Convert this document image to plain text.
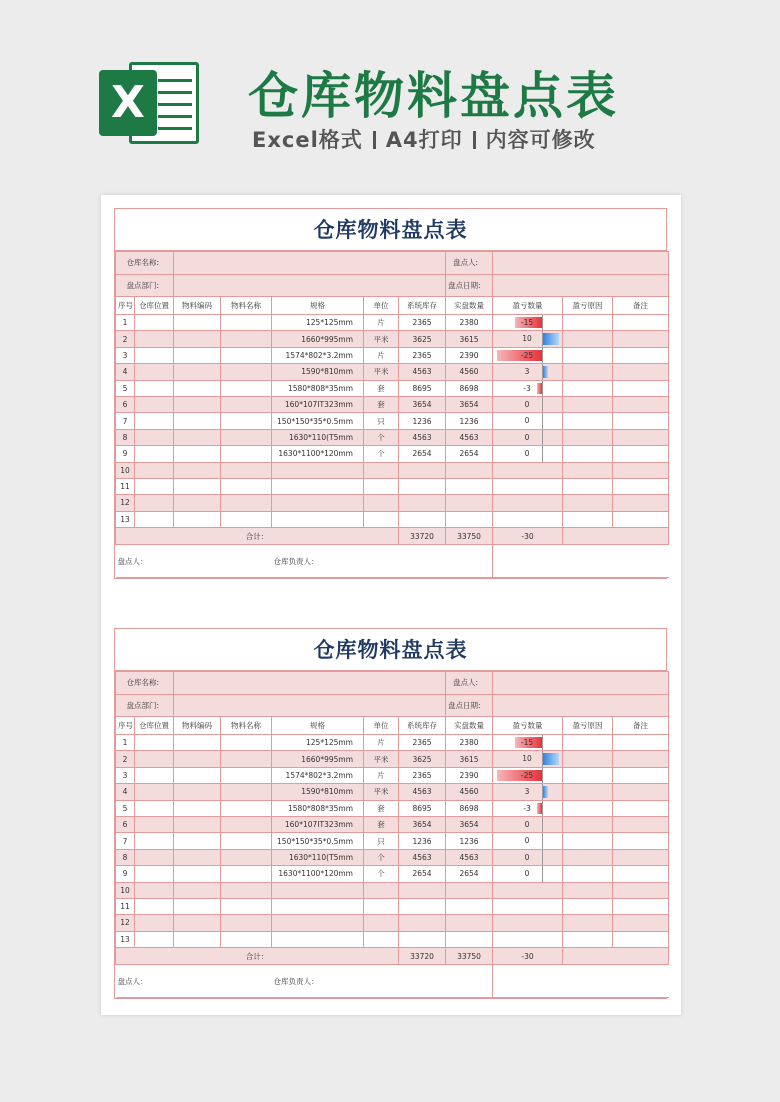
X 仓库物料盘点表
Excel格式 A4打印 内容可修改
仓库物料盘点表
仓库名称:							盘点人:			
盘点部门:							盘点日期:			
序号	仓库位置	物料编码	物料名称	规格	单位	系统库存	实盘数量	盈亏数量	盈亏原因	备注
1				125*125mm	片	2365	2380	-15		

2				1660*995mm	平米	3625	3615	10		

3				1574*802*3.2mm	片	2365	2390	-25		

4				1590*810mm	平米	4563	4560	3		

5				1580*808*35mm	套	8695	8698	-3		

6				160*107IT323mm	套	3654	3654	0		

7				150*150*35*0.5mm	只	1236	1236	0		

8				1630*110(T5mm	个	4563	4563	0		

9				1630*1100*120mm	个	2654	2654	0		

10										
11										
12										
13										
合计：						33720	33750	-30		
盘点人：				仓库负责人：						
仓库物料盘点表
仓库名称:							盘点人:			
盘点部门:							盘点日期:			
序号	仓库位置	物料编码	物料名称	规格	单位	系统库存	实盘数量	盈亏数量	盈亏原因	备注
1				125*125mm	片	2365	2380	-15		

2				1660*995mm	平米	3625	3615	10		

3				1574*802*3.2mm	片	2365	2390	-25		

4				1590*810mm	平米	4563	4560	3		

5				1580*808*35mm	套	8695	8698	-3		

6				160*107IT323mm	套	3654	3654	0		

7				150*150*35*0.5mm	只	1236	1236	0		

8				1630*110(T5mm	个	4563	4563	0		

9				1630*1100*120mm	个	2654	2654	0		

10										
11										
12										
13										
合计：						33720	33750	-30		
盘点人：				仓库负责人：						
